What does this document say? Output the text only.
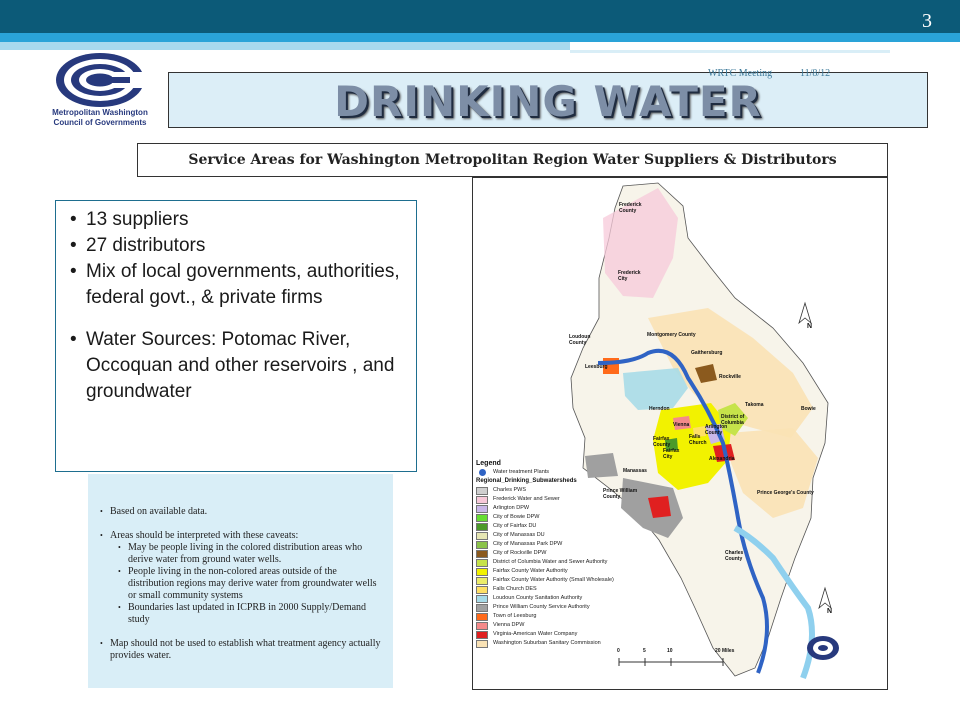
3
Metropolitan Washington
Council of Governments	DRINKING WATER
WRTC Meeting	11/8/12
Service Areas for Washington Metropolitan Region Water Suppliers & Distributors
• 13 suppliers
• 27 distributors
• Mix of local governments, authorities, federal govt., & private firms
• Water Sources: Potomac River, Occoquan and other reservoirs , and groundwater
• Based on available data.
• Areas should be interpreted with these caveats:
• May be people living in the colored distribution areas who derive water from ground water wells.
• People living in the non-colored areas outside of the distribution regions may derive water from groundwater wells or small community systems
• Boundaries last updated in ICPRB in 2000 Supply/Demand study
• Map should not be used to establish what treatment agency actually provides water.
Frederick County
Frederick City
Loudoun County
Montgomery County
Gaithersburg
Rockville
Takoma
Bowie
Leesburg
Herndon
Vienna
Falls Church
Fairfax City
Fairfax County
Arlington County
District of Columbia
Alexandria
Prince William County
Manassas
Prince George's County
Charles County
N
N
Legend
Water treatment Plants
Regional_Drinking_Subwatersheds
Charles PWS
Frederick Water and Sewer
Arlington DPW
City of Bowie DPW
City of Fairfax DU
City of Manassas DU
City of Manassas Park DPW
City of Rockville DPW
District of Columbia Water and Sewer Authority
Fairfax County Water Authority
Fairfax County Water Authority (Small Wholesale)
Falls Church DES
Loudoun County Sanitation Authority
Prince William County Service Authority
Town of Leesburg
Vienna DPW
Virginia-American Water Company
Washington Suburban Sanitary Commission
0	5	10	20 Miles
